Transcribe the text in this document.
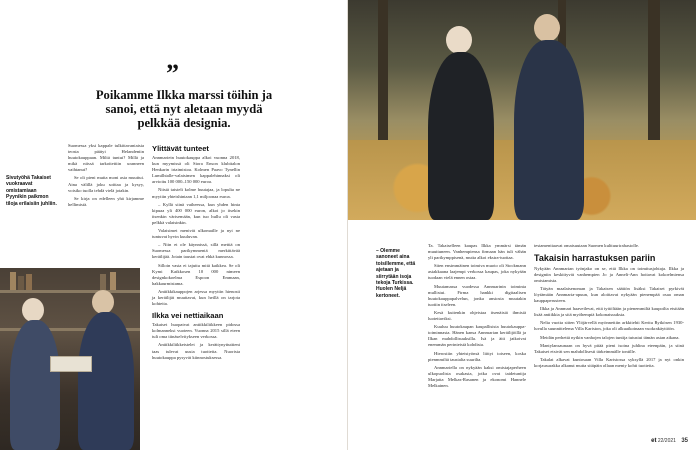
Sivutyöhä Takaiset vuokraavat omistamiaan Pyynikin paikmon tiloja erilaisiin juhliin.
”
Poikamme Ilkka marssi töihin ja sanoi, että nyt aletaan myydä pelkkää designia.

Suomessa yksi kappale tulkittavaniaisia teosta päätyi Helandeniin huutokauppaan. Miltä tuntui? Millä ja mikä niissä tarkoitettiin uranneen vaihtanut?

Se oli pieni mutta moni asia muuttui. Aina välillä joku soittaa ja kysyy, voisiko tuolla tehdä vielä jotakin.

Se kirja on edelleen yhä kirjamme hellimistä.

Ylittävät tunteet

Annmariein huutokauppa alkoi vuonna 2018, kun myymissä oli Stora Enson klubitalon Henkarin irtaimistoa. Kolmen Paavo Tynellin Lumilhtalle-valaisimen kappalehinnaksi oli arvioitu 100 000–150 000 euroa.

Niistä taisteli kolme huutajaa, ja lopulta ne myytiin yhteishintaan 1,1 miljoonaa euroa.

– Kyllä siinä vaiheessa, kun yhden hinta kipuaa yli 400 000 euron, alkoi jo itsekin itsenkin värisemään, kun tuo hullu oli vasta pelkkä valaisinkin.

Valaisimet menivät ulkomaille ja nyt ne tuntuvat hyvin kuuluvan.

– Niin et ole käynnissä, sillä mettiä on Suomessa parikymmentä merkittävää keräilijää. Jotain taustat ovat ehkä kunnossa.

Silloin vasta ei tajuttu mitä kaikkea. Se oli Kymi Kaikkosen 10 000 nimeen designkokoelma Espoon Emmaan, hakkaurmistama.

Antiikkikauppojen arjessa myyttin hienosti ja keräilijät muuttavat, kun heillä on tarjota kohteita.

Ilkka vei nettiaikaan

Takaiset huopatvat antiikkiliikkeen pidossa kolmanneksi vuoteen. Vuonna 2015 sillä eteen tuli oma tiinäselvitykseen verkossa.

Antiikkiliikkeistelet ja kerättynyttuttieni taas tulevat uusia tuotteita. Nuorista huutokauppa pysyvät kiinnostuksessa.

– Olemme sanoneet aina toisillemme, että ajetaan ja siirrytään isoja tekoja Turkissa. Huolen Neljä kertoneet.

Ta. Takaiselleen kaupas Ilkka ymmärsi tämän muuttuneen. Vanhempiensa firmaan hän tuli vähän yli parikymppisenä, mutta alkoi ekstra-tuottaa.

Siten ensimmäinen toimiva muoto oli Stockmann asiakkaana laajempi verkossa kaupas, joka nykyään tuodaan vielä ennen ostaa.

Muutamassa vuodessa Annmarinin toiminta mullistui. Firma hankki digitaalisen huutokauppapalvelun, jonka ansiosta muutakin tuotiin itseleen.

Kesä kuitenkin ohjeistaa itsenäisiä ihmisiä luotettaviksi.

Kuuluu huutokaupan kaupallisista huutokauppa-toiminnasta. Hänen kansa Annmarian keräilijöillä ja Ilkan mahdollisuuksilla. Isä ja äiti jatkoivat enemmän perinteistä kohdista.

Hierostiin yhteistyönsä liittyi toiseen, koska pienmmiltä taustalta suurilta.

Annmariella on nykyään kaksi omistajaperheen ulkopuolista osakasta, jotka ovat taidetuntija Marjatta Melkas-Rasanen ja ekonomi Hannele Melkainen.

testamenttaavat omaisuutaan Suomen kulttuurirahastolle.

Takaisin harrastuksen pariin

Nykyään Annmarian työnjako on se, että Ilkka on toimitusjohtaja. Ilkka ja designiin keskittyvät vanhempien Jo ja Anneli-Ann hoitavat kokoelmiensa omistamista.

Tätyän maalaisenoman ja Takaisen säätiön lisäksi Takaiset pyrkivät löytämään Annmaria-apuun, kun aloittavat nykyään pienempää osaa oman kauppaperusteen.

Ilkka ja Annmari haaveilevat, että tyttöltään ja pienemmiltä kaupoilta etsitään lisää antiikkia ja sitä myöhempiä kokonaisuuksia.

Nelia vuotta sitten Ylöjärvellä myönnettiin arkkitehti Kerttu Rytkösen 1930-luvulla suunnittelema Villa Kariston, joka oli alkuaikoinaan vuokrakäyttöön.

Meidän perhettä nytkin vanhojen talojen tuntija tutustui tämän asian aikana.

Mantylansaunaan on hyvä pitää pieni isoina juhlina eteenpäin, ja siinä Takaiset etsivät sen mahdollisesti tärkeimmälle tontille.

Takalat alkavat kuntosaan Villa Karistossa syksyllä 2017 ja nyt onkin korjausurakka alkanut mutta sitäpäin ollaan menty kohti tuotteita.

et 22/2021 35
